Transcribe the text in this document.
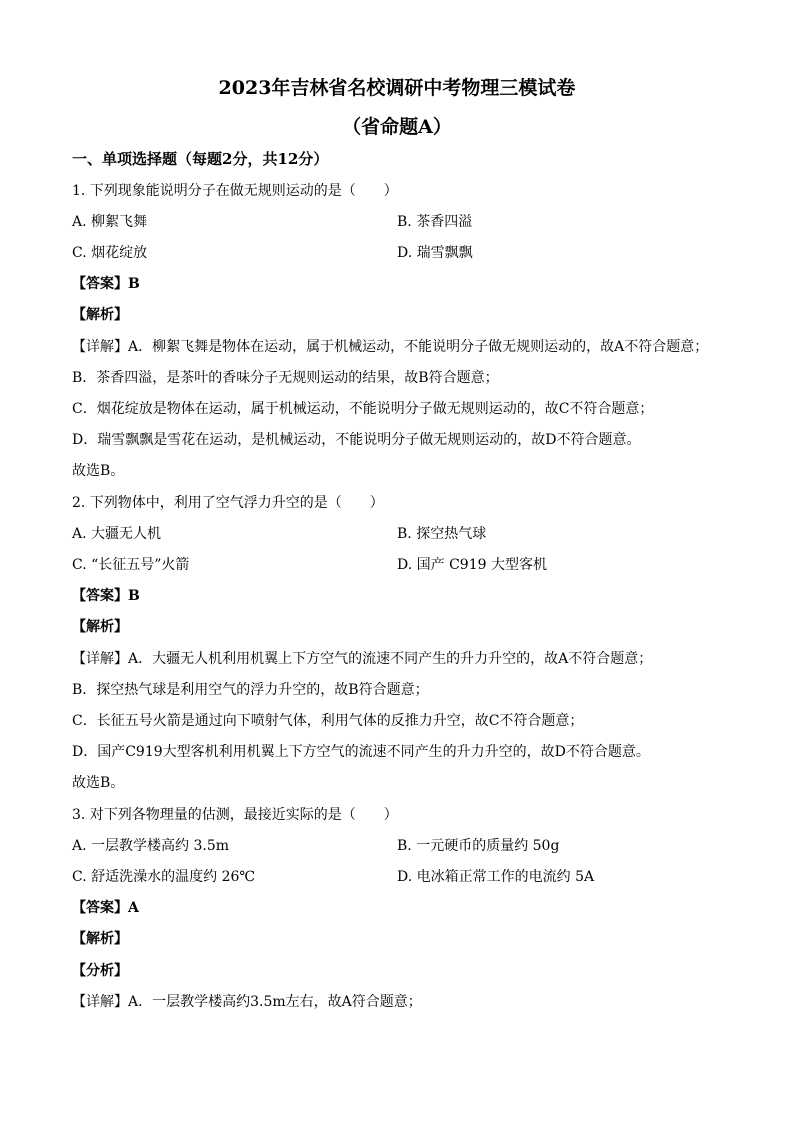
2023年吉林省名校调研中考物理三模试卷
（省命题A）
一、单项选择题（每题2分，共12分）
1. 下列现象能说明分子在做无规则运动的是（　　）
A. 柳絮飞舞	B. 茶香四溢
C. 烟花绽放	D. 瑞雪飘飘
【答案】B
【解析】
【详解】A．柳絮飞舞是物体在运动，属于机械运动，不能说明分子做无规则运动的，故A不符合题意；
B．茶香四溢，是茶叶的香味分子无规则运动的结果，故B符合题意；
C．烟花绽放是物体在运动，属于机械运动，不能说明分子做无规则运动的，故C不符合题意；
D．瑞雪飘飘是雪花在运动，是机械运动，不能说明分子做无规则运动的，故D不符合题意。
故选B。
2. 下列物体中，利用了空气浮力升空的是（　　）
A. 大疆无人机	B. 探空热气球
C. “长征五号”火箭	D. 国产 C919 大型客机
【答案】B
【解析】
【详解】A．大疆无人机利用机翼上下方空气的流速不同产生的升力升空的，故A不符合题意；
B．探空热气球是利用空气的浮力升空的，故B符合题意；
C．长征五号火箭是通过向下喷射气体，利用气体的反推力升空，故C不符合题意；
D．国产C919大型客机利用机翼上下方空气的流速不同产生的升力升空的，故D不符合题意。
故选B。
3. 对下列各物理量的估测，最接近实际的是（　　）
A. 一层教学楼高约 3.5m	B. 一元硬币的质量约 50g
C. 舒适洗澡水的温度约 26℃	D. 电冰箱正常工作的电流约 5A
【答案】A
【解析】
【分析】
【详解】A．一层教学楼高约3.5m左右，故A符合题意；
